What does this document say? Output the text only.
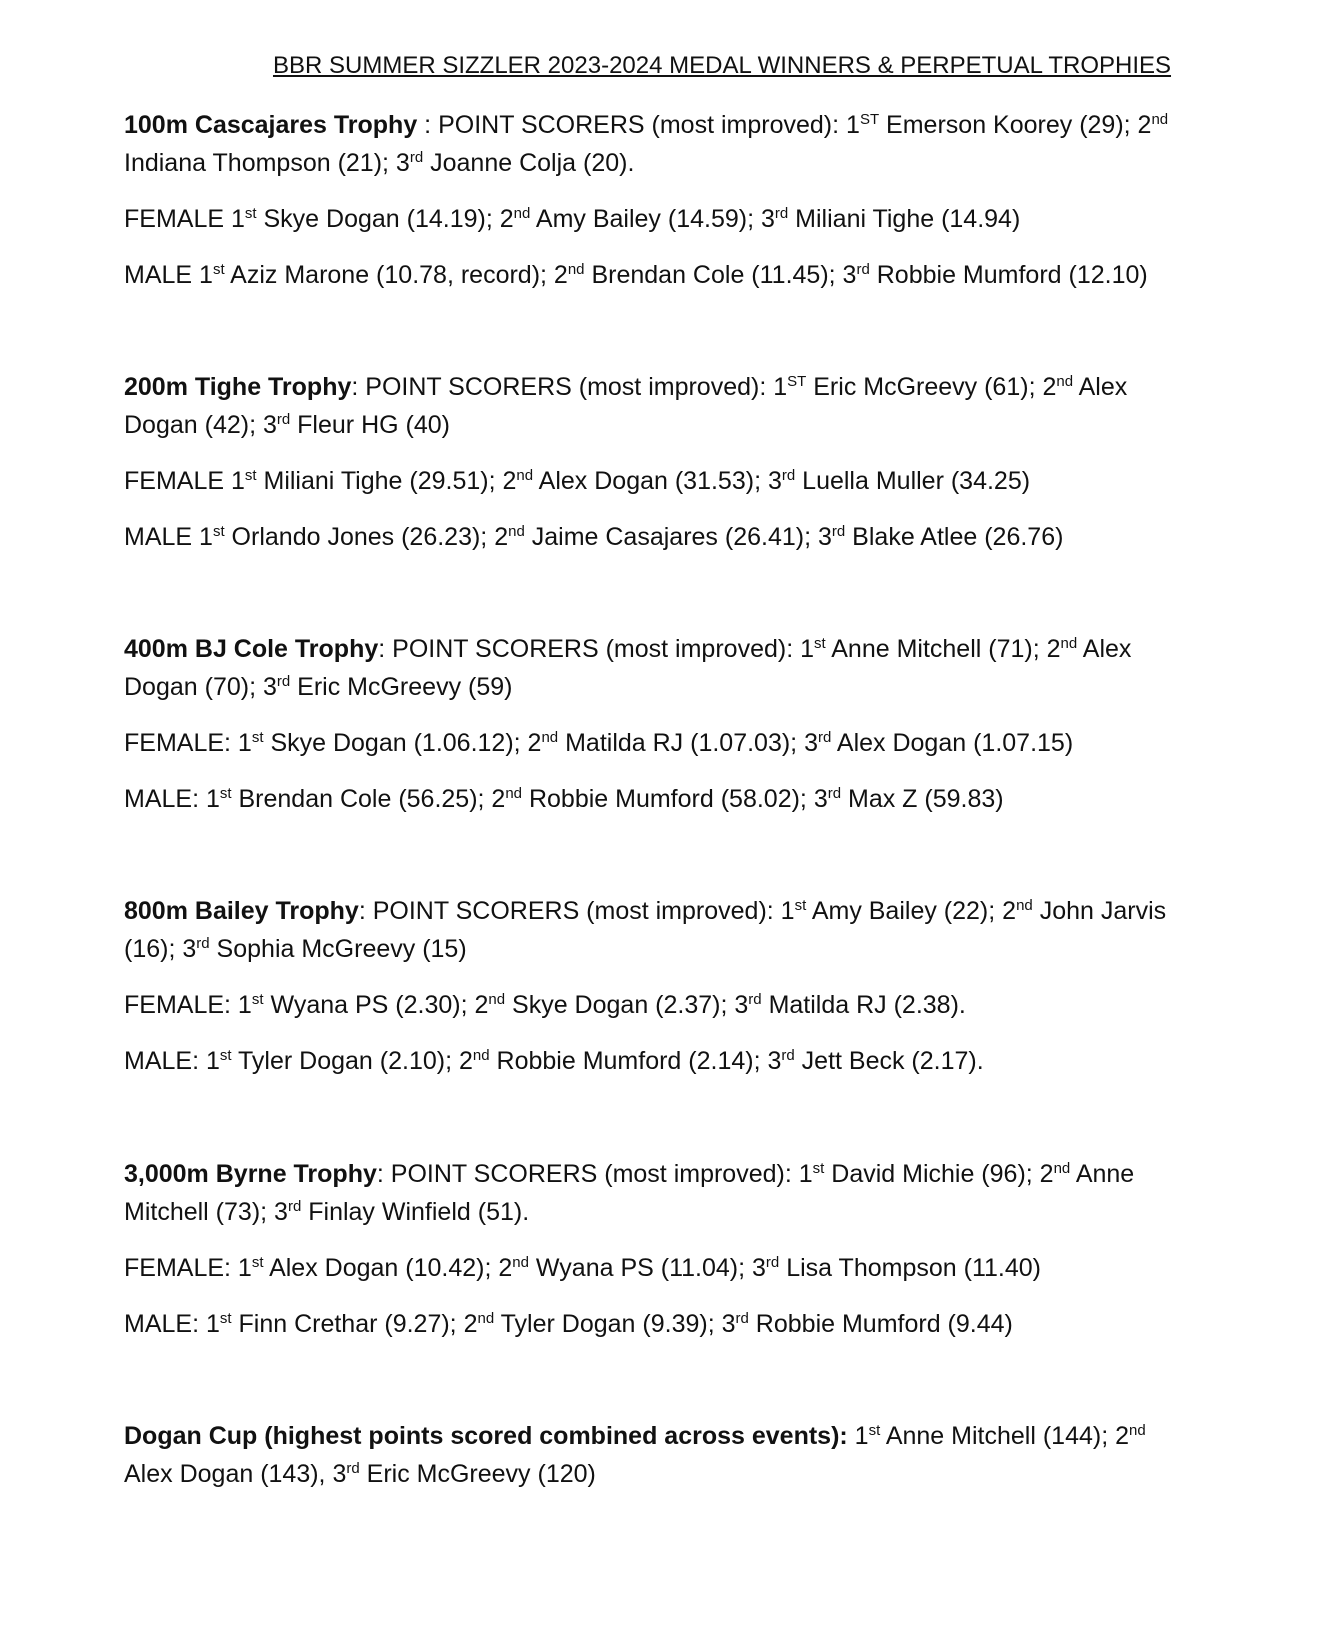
BBR SUMMER SIZZLER 2023-2024 MEDAL WINNERS & PERPETUAL TROPHIES
100m Cascajares Trophy : POINT SCORERS (most improved): 1ST Emerson Koorey (29); 2nd
Indiana Thompson (21); 3rd Joanne Colja (20).
FEMALE 1st Skye Dogan (14.19); 2nd Amy Bailey (14.59); 3rd Miliani Tighe (14.94)
MALE 1st Aziz Marone (10.78, record); 2nd Brendan Cole (11.45); 3rd Robbie Mumford (12.10)
200m Tighe Trophy: POINT SCORERS (most improved): 1ST Eric McGreevy (61); 2nd Alex
Dogan (42); 3rd Fleur HG (40)
FEMALE 1st Miliani Tighe (29.51); 2nd Alex Dogan (31.53); 3rd Luella Muller (34.25)
MALE 1st Orlando Jones (26.23); 2nd Jaime Casajares (26.41); 3rd Blake Atlee (26.76)
400m BJ Cole Trophy: POINT SCORERS (most improved): 1st Anne Mitchell (71); 2nd Alex
Dogan (70); 3rd Eric McGreevy (59)
FEMALE: 1st Skye Dogan (1.06.12); 2nd Matilda RJ (1.07.03); 3rd Alex Dogan (1.07.15)
MALE: 1st Brendan Cole (56.25); 2nd Robbie Mumford (58.02); 3rd Max Z (59.83)
800m Bailey Trophy: POINT SCORERS (most improved): 1st Amy Bailey (22); 2nd John Jarvis
(16); 3rd Sophia McGreevy (15)
FEMALE: 1st Wyana PS (2.30); 2nd Skye Dogan (2.37); 3rd Matilda RJ (2.38).
MALE: 1st Tyler Dogan (2.10); 2nd Robbie Mumford (2.14); 3rd Jett Beck (2.17).
3,000m Byrne Trophy: POINT SCORERS (most improved): 1st David Michie (96); 2nd Anne
Mitchell (73); 3rd Finlay Winfield (51).
FEMALE: 1st Alex Dogan (10.42); 2nd Wyana PS (11.04); 3rd Lisa Thompson (11.40)
MALE: 1st Finn Crethar (9.27); 2nd Tyler Dogan (9.39); 3rd Robbie Mumford (9.44)
Dogan Cup (highest points scored combined across events): 1st Anne Mitchell (144); 2nd
Alex Dogan (143), 3rd Eric McGreevy (120)
